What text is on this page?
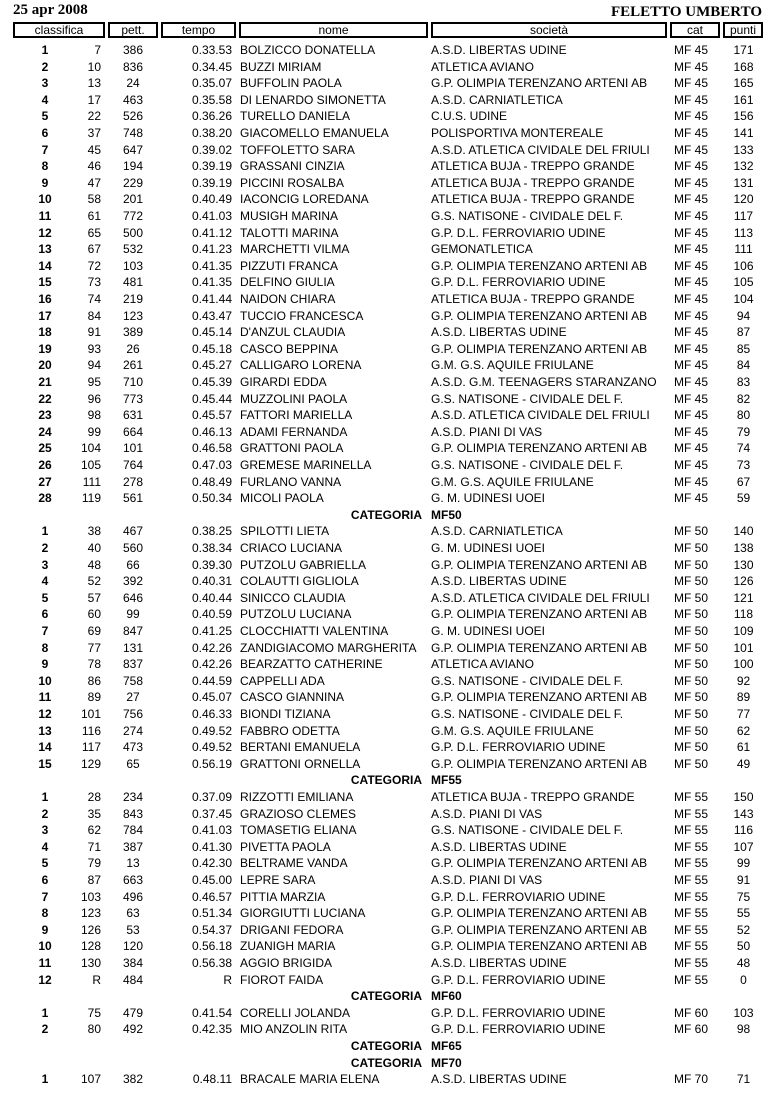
25 apr 2008	FELETTO UMBERTO
classifica	pett.	tempo	nome	società	cat	punti
1	7	386	0.33.53 BOLZICCO DONATELLA	A.S.D. LIBERTAS UDINE	MF 45	171
2	10	836	0.34.45 BUZZI MIRIAM	ATLETICA AVIANO	MF 45	168
3	13	24	0.35.07 BUFFOLIN PAOLA	G.P. OLIMPIA TERENZANO ARTENI AB	MF 45	165
4	17	463	0.35.58 DI LENARDO SIMONETTA	A.S.D. CARNIATLETICA	MF 45	161
5	22	526	0.36.26 TURELLO DANIELA	C.U.S. UDINE	MF 45	156
6	37	748	0.38.20 GIACOMELLO EMANUELA	POLISPORTIVA MONTEREALE	MF 45	141
7	45	647	0.39.02 TOFFOLETTO SARA	A.S.D. ATLETICA CIVIDALE DEL FRIULI	MF 45	133
8	46	194	0.39.19 GRASSANI CINZIA	ATLETICA BUJA - TREPPO GRANDE	MF 45	132
9	47	229	0.39.19 PICCINI ROSALBA	ATLETICA BUJA - TREPPO GRANDE	MF 45	131
10	58	201	0.40.49 IACONCIG LOREDANA	ATLETICA BUJA - TREPPO GRANDE	MF 45	120
11	61	772	0.41.03 MUSIGH MARINA	G.S. NATISONE - CIVIDALE DEL F.	MF 45	117
12	65	500	0.41.12 TALOTTI MARINA	G.P. D.L. FERROVIARIO UDINE	MF 45	113
13	67	532	0.41.23 MARCHETTI VILMA	GEMONATLETICA	MF 45	111
14	72	103	0.41.35 PIZZUTI FRANCA	G.P. OLIMPIA TERENZANO ARTENI AB	MF 45	106
15	73	481	0.41.35 DELFINO GIULIA	G.P. D.L. FERROVIARIO UDINE	MF 45	105
16	74	219	0.41.44 NAIDON CHIARA	ATLETICA BUJA - TREPPO GRANDE	MF 45	104
17	84	123	0.43.47 TUCCIO FRANCESCA	G.P. OLIMPIA TERENZANO ARTENI AB	MF 45	94
18	91	389	0.45.14 D'ANZUL CLAUDIA	A.S.D. LIBERTAS UDINE	MF 45	87
19	93	26	0.45.18 CASCO BEPPINA	G.P. OLIMPIA TERENZANO ARTENI AB	MF 45	85
20	94	261	0.45.27 CALLIGARO LORENA	G.M. G.S. AQUILE FRIULANE	MF 45	84
21	95	710	0.45.39 GIRARDI EDDA	A.S.D. G.M. TEENAGERS STARANZANO	MF 45	83
22	96	773	0.45.44 MUZZOLINI PAOLA	G.S. NATISONE - CIVIDALE DEL F.	MF 45	82
23	98	631	0.45.57 FATTORI MARIELLA	A.S.D. ATLETICA CIVIDALE DEL FRIULI	MF 45	80
24	99	664	0.46.13 ADAMI FERNANDA	A.S.D. PIANI DI VAS	MF 45	79
25	104	101	0.46.58 GRATTONI PAOLA	G.P. OLIMPIA TERENZANO ARTENI AB	MF 45	74
26	105	764	0.47.03 GREMESE MARINELLA	G.S. NATISONE - CIVIDALE DEL F.	MF 45	73
27	111	278	0.48.49 FURLANO VANNA	G.M. G.S. AQUILE FRIULANE	MF 45	67
28	119	561	0.50.34 MICOLI PAOLA	G. M. UDINESI UOEI	MF 45	59
CATEGORIA MF50
1	38	467	0.38.25 SPILOTTI LIETA	A.S.D. CARNIATLETICA	MF 50	140
2	40	560	0.38.34 CRIACO LUCIANA	G. M. UDINESI UOEI	MF 50	138
3	48	66	0.39.30 PUTZOLU GABRIELLA	G.P. OLIMPIA TERENZANO ARTENI AB	MF 50	130
4	52	392	0.40.31 COLAUTTI GIGLIOLA	A.S.D. LIBERTAS UDINE	MF 50	126
5	57	646	0.40.44 SINICCO CLAUDIA	A.S.D. ATLETICA CIVIDALE DEL FRIULI	MF 50	121
6	60	99	0.40.59 PUTZOLU LUCIANA	G.P. OLIMPIA TERENZANO ARTENI AB	MF 50	118
7	69	847	0.41.25 CLOCCHIATTI VALENTINA	G. M. UDINESI UOEI	MF 50	109
8	77	131	0.42.26 ZANDIGIACOMO MARGHERITA	G.P. OLIMPIA TERENZANO ARTENI AB	MF 50	101
9	78	837	0.42.26 BEARZATTO CATHERINE	ATLETICA AVIANO	MF 50	100
10	86	758	0.44.59 CAPPELLI ADA	G.S. NATISONE - CIVIDALE DEL F.	MF 50	92
11	89	27	0.45.07 CASCO GIANNINA	G.P. OLIMPIA TERENZANO ARTENI AB	MF 50	89
12	101	756	0.46.33 BIONDI TIZIANA	G.S. NATISONE - CIVIDALE DEL F.	MF 50	77
13	116	274	0.49.52 FABBRO ODETTA	G.M. G.S. AQUILE FRIULANE	MF 50	62
14	117	473	0.49.52 BERTANI EMANUELA	G.P. D.L. FERROVIARIO UDINE	MF 50	61
15	129	65	0.56.19 GRATTONI ORNELLA	G.P. OLIMPIA TERENZANO ARTENI AB	MF 50	49
CATEGORIA MF55
1	28	234	0.37.09 RIZZOTTI EMILIANA	ATLETICA BUJA - TREPPO GRANDE	MF 55	150
2	35	843	0.37.45 GRAZIOSO CLEMES	A.S.D. PIANI DI VAS	MF 55	143
3	62	784	0.41.03 TOMASETIG ELIANA	G.S. NATISONE - CIVIDALE DEL F.	MF 55	116
4	71	387	0.41.30 PIVETTA PAOLA	A.S.D. LIBERTAS UDINE	MF 55	107
5	79	13	0.42.30 BELTRAME VANDA	G.P. OLIMPIA TERENZANO ARTENI AB	MF 55	99
6	87	663	0.45.00 LEPRE SARA	A.S.D. PIANI DI VAS	MF 55	91
7	103	496	0.46.57 PITTIA MARZIA	G.P. D.L. FERROVIARIO UDINE	MF 55	75
8	123	63	0.51.34 GIORGIUTTI LUCIANA	G.P. OLIMPIA TERENZANO ARTENI AB	MF 55	55
9	126	53	0.54.37 DRIGANI FEDORA	G.P. OLIMPIA TERENZANO ARTENI AB	MF 55	52
10	128	120	0.56.18 ZUANIGH MARIA	G.P. OLIMPIA TERENZANO ARTENI AB	MF 55	50
11	130	384	0.56.38 AGGIO BRIGIDA	A.S.D. LIBERTAS UDINE	MF 55	48
12	R	484	R FIOROT FAIDA	G.P. D.L. FERROVIARIO UDINE	MF 55	0
CATEGORIA MF60
1	75	479	0.41.54 CORELLI JOLANDA	G.P. D.L. FERROVIARIO UDINE	MF 60	103
2	80	492	0.42.35 MIO ANZOLIN RITA	G.P. D.L. FERROVIARIO UDINE	MF 60	98
CATEGORIA MF65
CATEGORIA MF70
1	107	382	0.48.11 BRACALE MARIA ELENA	A.S.D. LIBERTAS UDINE	MF 70	71
